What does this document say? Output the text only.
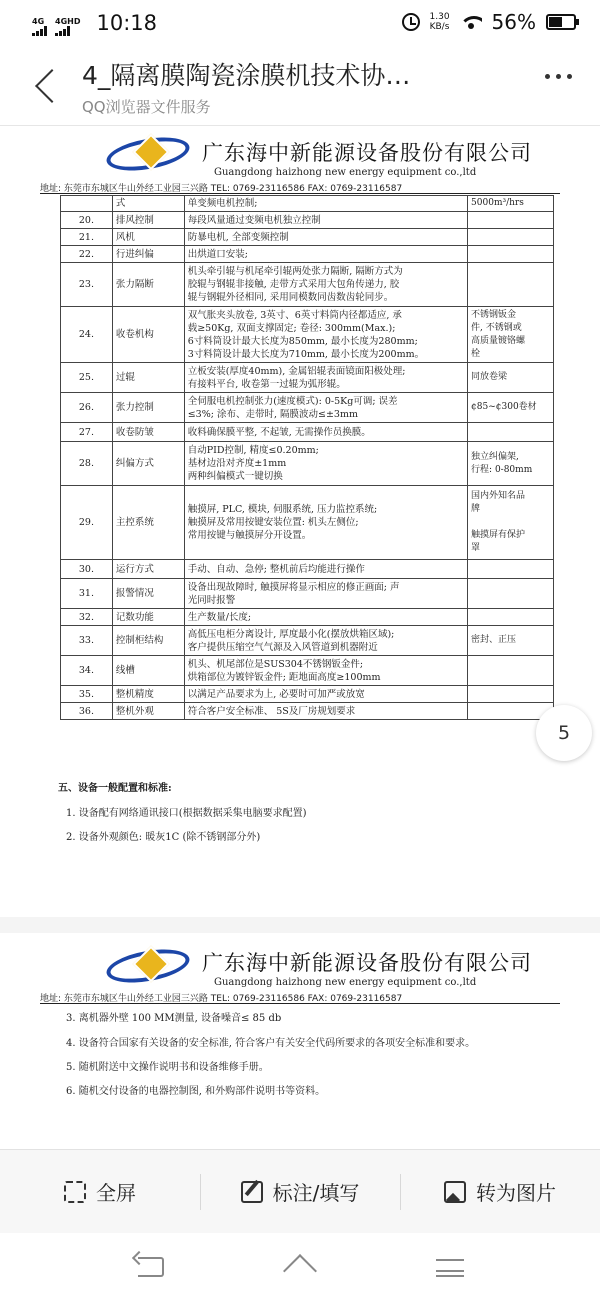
4G 4GHD 10:18	1.30
KB/s 56%
4_隔离膜陶瓷涂膜机技术协…
QQ浏览器文件服务
广东海中新能源设备股份有限公司
Guangdong haizhong new energy equipment co.,ltd
地址: 东莞市东城区牛山外经工业园三兴路 TEL: 0769-23116586 FAX: 0769-23116587
	式	单变频电机控制;	5000m³/hrs

20.	排风控制	每段风量通过变频电机独立控制	

21.	风机	防暴电机, 全部变频控制	

22.	行进纠偏	出烘道口安装;	

23.	张力隔断	机头牵引辊与机尾牵引辊两处张力隔断, 隔断方式为
胶辊与钢辊非接触, 走带方式采用大包角传递力, 胶
辊与钢辊外径相同, 采用同模数同齿数齿轮同步。	

24.	收卷机构	双气胀夹头放卷, 3英寸、6英寸料筒内径都适应, 承
载≥50Kg, 双面支撑固定; 卷径: 300mm(Max.);
6寸料筒设计最大长度为850mm, 最小长度为280mm;
3寸料筒设计最大长度为710mm, 最小长度为200mm。	不锈钢钣金
件, 不锈钢或
高质量镀铬螺
栓

25.	过辊	立板安装(厚度40mm), 金属铝辊表面镜面阳极处理;
有接料平台, 收卷第一过辊为弧形辊。	同放卷梁

26.	张力控制	全伺服电机控制张力(速度模式): 0-5Kg可调; 误差
≤3%; 涂布、走带时, 隔膜波动≤±3mm	¢85~¢300卷材

27.	收卷防皱	收料确保膜平整, 不起皱, 无需操作员换膜。	

28.	纠偏方式	自动PID控制, 精度≤0.20mm;
基材边沿对齐度±1mm
两种纠偏模式一键切换	独立纠偏架,
行程: 0-80mm

29.	主控系统	触摸屏, PLC, 模块, 伺服系统, 压力监控系统;
触摸屏及常用按键安装位置: 机头左侧位;
常用按键与触摸屏分开设置。	国内外知名品
牌

触摸屏有保护
罩

30.	运行方式	手动、自动、急停; 整机前后均能进行操作	

31.	报警情况	设备出现故障时, 触摸屏将显示相应的修正画面; 声
光同时报警	

32.	记数功能	生产数量/长度;	

33.	控制柜结构	高低压电柜分离设计, 厚度最小化(摆放烘箱区域);
客户提供压缩空气气源及入风管道到机器附近	密封、正压

34.	线槽	机头、机尾部位是SUS304不锈钢钣金件;
烘箱部位为镀锌钣金件; 距地面高度≥100mm	

35.	整机精度	以满足产品要求为上, 必要时可加严或放宽	

36.	整机外观	符合客户安全标准、 5S及厂房规划要求	

五、设备一般配置和标准:
1. 设备配有网络通讯接口(根据数据采集电脑要求配置)
2. 设备外观颜色: 暖灰1C (除不锈钢部分外)
广东海中新能源设备股份有限公司
Guangdong haizhong new energy equipment co.,ltd
地址: 东莞市东城区牛山外经工业园三兴路 TEL: 0769-23116586 FAX: 0769-23116587
3. 离机器外壁 100 MM测量, 设备噪音≤ 85 db
4. 设备符合国家有关设备的安全标准, 符合客户有关安全代码所要求的各项安全标准和要求。
5. 随机附送中文操作说明书和设备维修手册。
6. 随机交付设备的电器控制图, 和外购部件说明书等资料。
5
全屏	标注/填写	转为图片
